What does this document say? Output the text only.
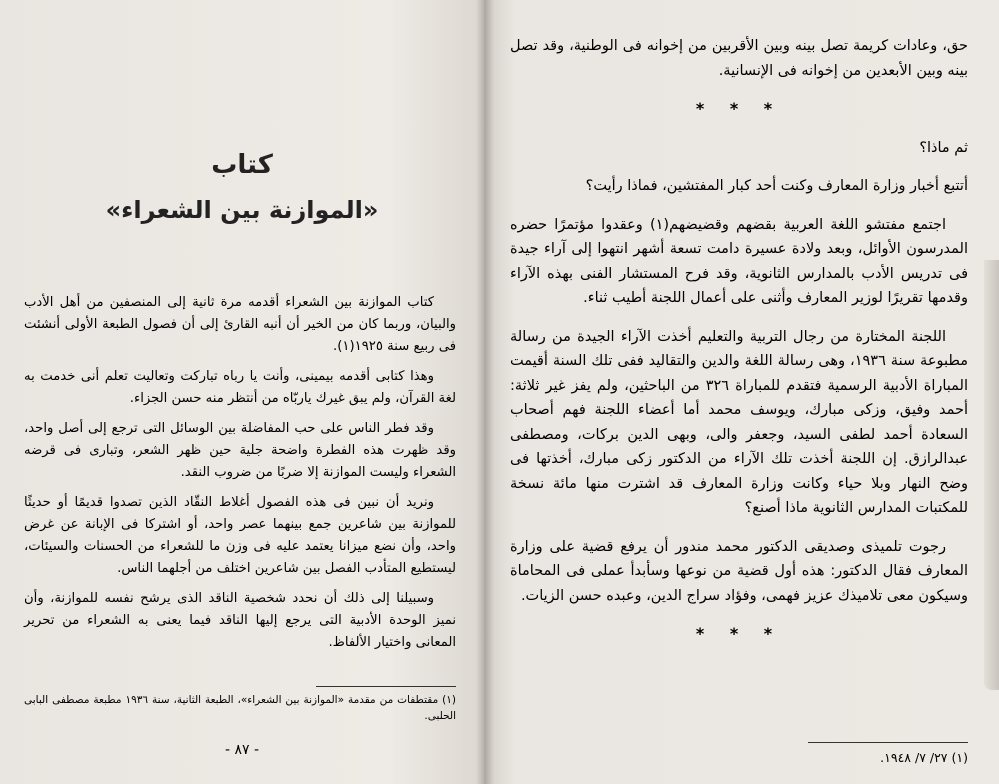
كتاب
«الموازنة بين الشعراء»

كتاب الموازنة بين الشعراء أقدمه مرة ثانية إلى المنصفين من أهل الأدب والبيان، وربما كان من الخير أن أنبه القارئ إلى أن فصول الطبعة الأولى أنشئت فى ربيع سنة ١٩٢٥(١).

وهذا كتابى أقدمه بيمينى، وأنت يا رباه تباركت وتعاليت تعلم أنى خدمت به لغة القرآن، ولم يبق غيرك ياربّاه من أنتظر منه حسن الجزاء.

وقد فطر الناس على حب المفاضلة بين الوسائل التى ترجع إلى أصل واحد، وقد ظهرت هذه الفطرة واضحة جلية حين ظهر الشعر، وتبارى فى قرضه الشعراء وليست الموازنة إلا ضربًا من ضروب النقد.

ونريد أن نبين فى هذه الفصول أغلاط النقّاد الذين تصدوا قديمًا أو حديثًا للموازنة بين شاعرين جمع بينهما عصر واحد، أو اشتركا فى الإبانة عن غرض واحد، وأن نضع ميزانا يعتمد عليه فى وزن ما للشعراء من الحسنات والسيئات، ليستطيع المتأدب الفصل بين شاعرين اختلف من أجلهما الناس.

وسبيلنا إلى ذلك أن نحدد شخصية الناقد الذى يرشح نفسه للموازنة، وأن نميز الوحدة الأدبية التى يرجع إليها الناقد فيما يعنى به الشعراء من تحرير المعانى واختيار الألفاظ.

(١) مقتطفات من مقدمة «الموازنة بين الشعراء»، الطبعة الثانية، سنة ١٩٣٦ مطبعة مصطفى البابى الحلبى.
- ٨٧ -

حق، وعادات كريمة تصل بينه وبين الأقربين من إخوانه فى الوطنية، وقد تصل بينه وبين الأبعدين من إخوانه فى الإنسانية.

* * *

ثم ماذا؟

أتتبع أخبار وزارة المعارف وكنت أحد كبار المفتشين، فماذا رأيت؟

اجتمع مفتشو اللغة العربية بقضهم وقضيضهم(١) وعقدوا مؤتمرًا حضره المدرسون الأوائل، وبعد ولادة عسيرة دامت تسعة أشهر انتهوا إلى آراء جيدة فى تدريس الأدب بالمدارس الثانوية، وقد فرح المستشار الفنى بهذه الآراء وقدمها تقريرًا لوزير المعارف وأثنى على أعمال اللجنة أطيب ثناء.

اللجنة المختارة من رجال التربية والتعليم أخذت الآراء الجيدة من رسالة مطبوعة سنة ١٩٣٦، وهى رسالة اللغة والدين والتقاليد ففى تلك السنة أقيمت المباراة الأدبية الرسمية فتقدم للمباراة ٣٢٦ من الباحثين، ولم يفز غير ثلاثة: أحمد وفيق، وزكى مبارك، ويوسف محمد أما أعضاء اللجنة فهم أصحاب السعادة أحمد لطفى السيد، وجعفر والى، وبهى الدين بركات، ومصطفى عبدالرازق. إن اللجنة أخذت تلك الآراء من الدكتور زكى مبارك، أخذتها فى وضح النهار وبلا حياء وكانت وزارة المعارف قد اشترت منها مائة نسخة للمكتبات المدارس الثانوية ماذا أصنع؟

رجوت تلميذى وصديقى الدكتور محمد مندور أن يرفع قضية على وزارة المعارف فقال الدكتور: هذه أول قضية من نوعها وسأبدأ عملى فى المحاماة وسيكون معى تلاميذك عزيز فهمى، وفؤاد سراج الدين، وعبده حسن الزيات.

* * *
(١) ٢٧/ ٧/ ١٩٤٨.
